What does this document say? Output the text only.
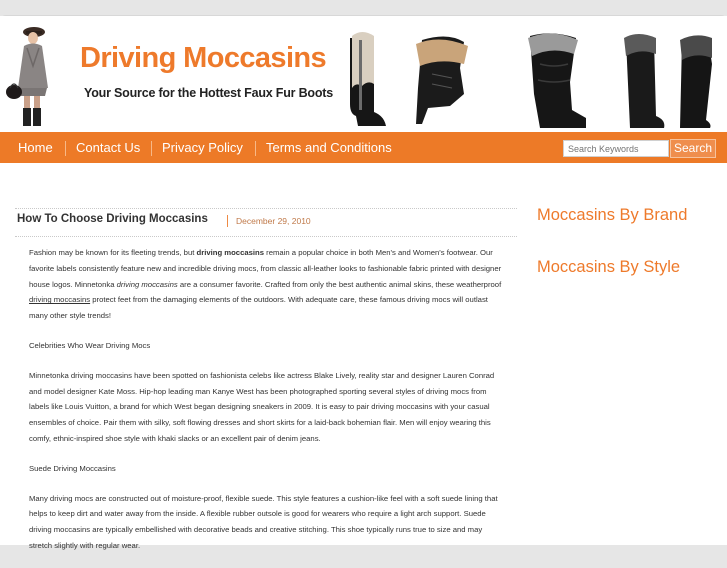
Driving Moccasins
Your Source for the Hottest Faux Fur Boots
Home Contact Us Privacy Policy Terms and Conditions
Search Keywords	Search
How To Choose Driving Moccasins	December 29, 2010

Fashion may be known for its fleeting trends, but driving moccasins remain a popular choice in both Men's and Women's footwear. Our favorite labels consistently feature new and incredible driving mocs, from classic all-leather looks to fashionable fabric printed with designer house logos. Minnetonka driving moccasins are a consumer favorite. Crafted from only the best authentic animal skins, these weatherproof driving moccasins protect feet from the damaging elements of the outdoors. With adequate care, these famous driving mocs will outlast many other style trends!

Celebrities Who Wear Driving Mocs

Minnetonka driving moccasins have been spotted on fashionista celebs like actress Blake Lively, reality star and designer Lauren Conrad and model designer Kate Moss. Hip-hop leading man Kanye West has been photographed sporting several styles of driving mocs from labels like Louis Vuitton, a brand for which West began designing sneakers in 2009. It is easy to pair driving moccasins with your casual ensembles of choice. Pair them with silky, soft flowing dresses and short skirts for a laid-back bohemian flair. Men will enjoy wearing this comfy, ethnic-inspired shoe style with khaki slacks or an excellent pair of denim jeans.

Suede Driving Moccasins

Many driving mocs are constructed out of moisture-proof, flexible suede. This style features a cushion-like feel with a soft suede lining that helps to keep dirt and water away from the inside. A flexible rubber outsole is good for wearers who require a light arch support. Suede driving moccasins are typically embellished with decorative beads and creative stitching. This shoe typically runs true to size and may stretch slightly with regular wear.

Moccasins By Brand
Moccasins By Style
